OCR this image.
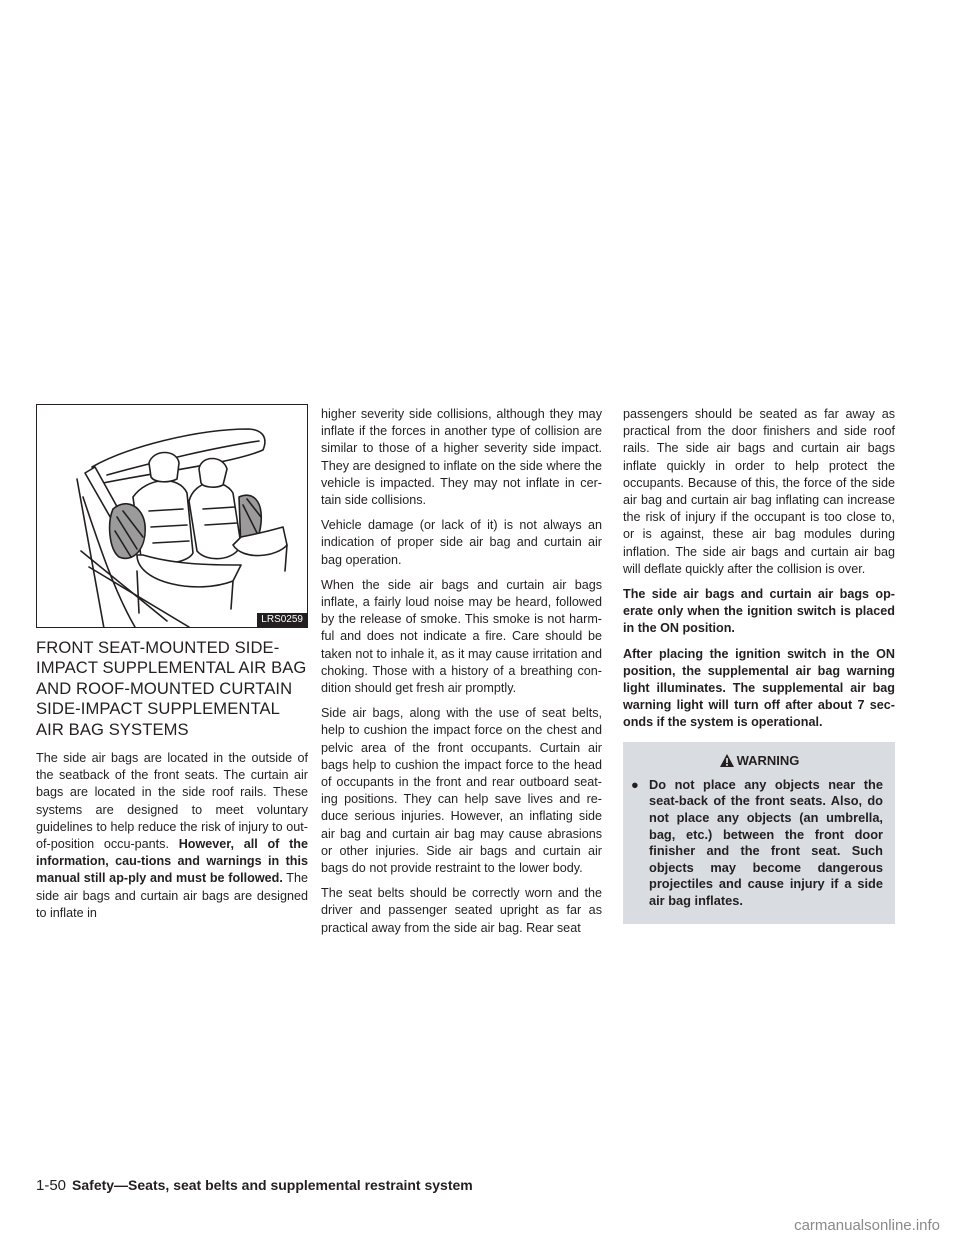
LRS0259
FRONT SEAT-MOUNTED SIDE-IMPACT SUPPLEMENTAL AIR BAG AND ROOF-MOUNTED CURTAIN SIDE-IMPACT SUPPLEMENTAL AIR BAG SYSTEMS

The side air bags are located in the outside of the seatback of the front seats. The curtain air bags are located in the side roof rails. These systems are designed to meet voluntary guidelines to help reduce the risk of injury to out-of-position occu-pants. However, all of the information, cau-tions and warnings in this manual still ap-ply and must be followed. The side air bags and curtain air bags are designed to inflate in

higher severity side collisions, although they may inflate if the forces in another type of collision are similar to those of a higher severity side impact. They are designed to inflate on the side where the vehicle is impacted. They may not inflate in cer-tain side collisions.

Vehicle damage (or lack of it) is not always an indication of proper side air bag and curtain air bag operation.

When the side air bags and curtain air bags inflate, a fairly loud noise may be heard, followed by the release of smoke. This smoke is not harm-ful and does not indicate a fire. Care should be taken not to inhale it, as it may cause irritation and choking. Those with a history of a breathing con-dition should get fresh air promptly.

Side air bags, along with the use of seat belts, help to cushion the impact force on the chest and pelvic area of the front occupants. Curtain air bags help to cushion the impact force to the head of occupants in the front and rear outboard seat-ing positions. They can help save lives and re-duce serious injuries. However, an inflating side air bag and curtain air bag may cause abrasions or other injuries. Side air bags and curtain air bags do not provide restraint to the lower body.

The seat belts should be correctly worn and the driver and passenger seated upright as far as practical away from the side air bag. Rear seat

passengers should be seated as far away as practical from the door finishers and side roof rails. The side air bags and curtain air bags inflate quickly in order to help protect the occupants. Because of this, the force of the side air bag and curtain air bag inflating can increase the risk of injury if the occupant is too close to, or is against, these air bag modules during inflation. The side air bags and curtain air bag will deflate quickly after the collision is over.

The side air bags and curtain air bags op-erate only when the ignition switch is placed in the ON position.

After placing the ignition switch in the ON position, the supplemental air bag warning light illuminates. The supplemental air bag warning light will turn off after about 7 sec-onds if the system is operational.

WARNING
● Do not place any objects near the seat-back of the front seats. Also, do not place any objects (an umbrella, bag, etc.) between the front door finisher and the front seat. Such objects may become dangerous projectiles and cause injury if a side air bag inflates.
1-50 Safety—Seats, seat belts and supplemental restraint system
carmanualsonline.info
